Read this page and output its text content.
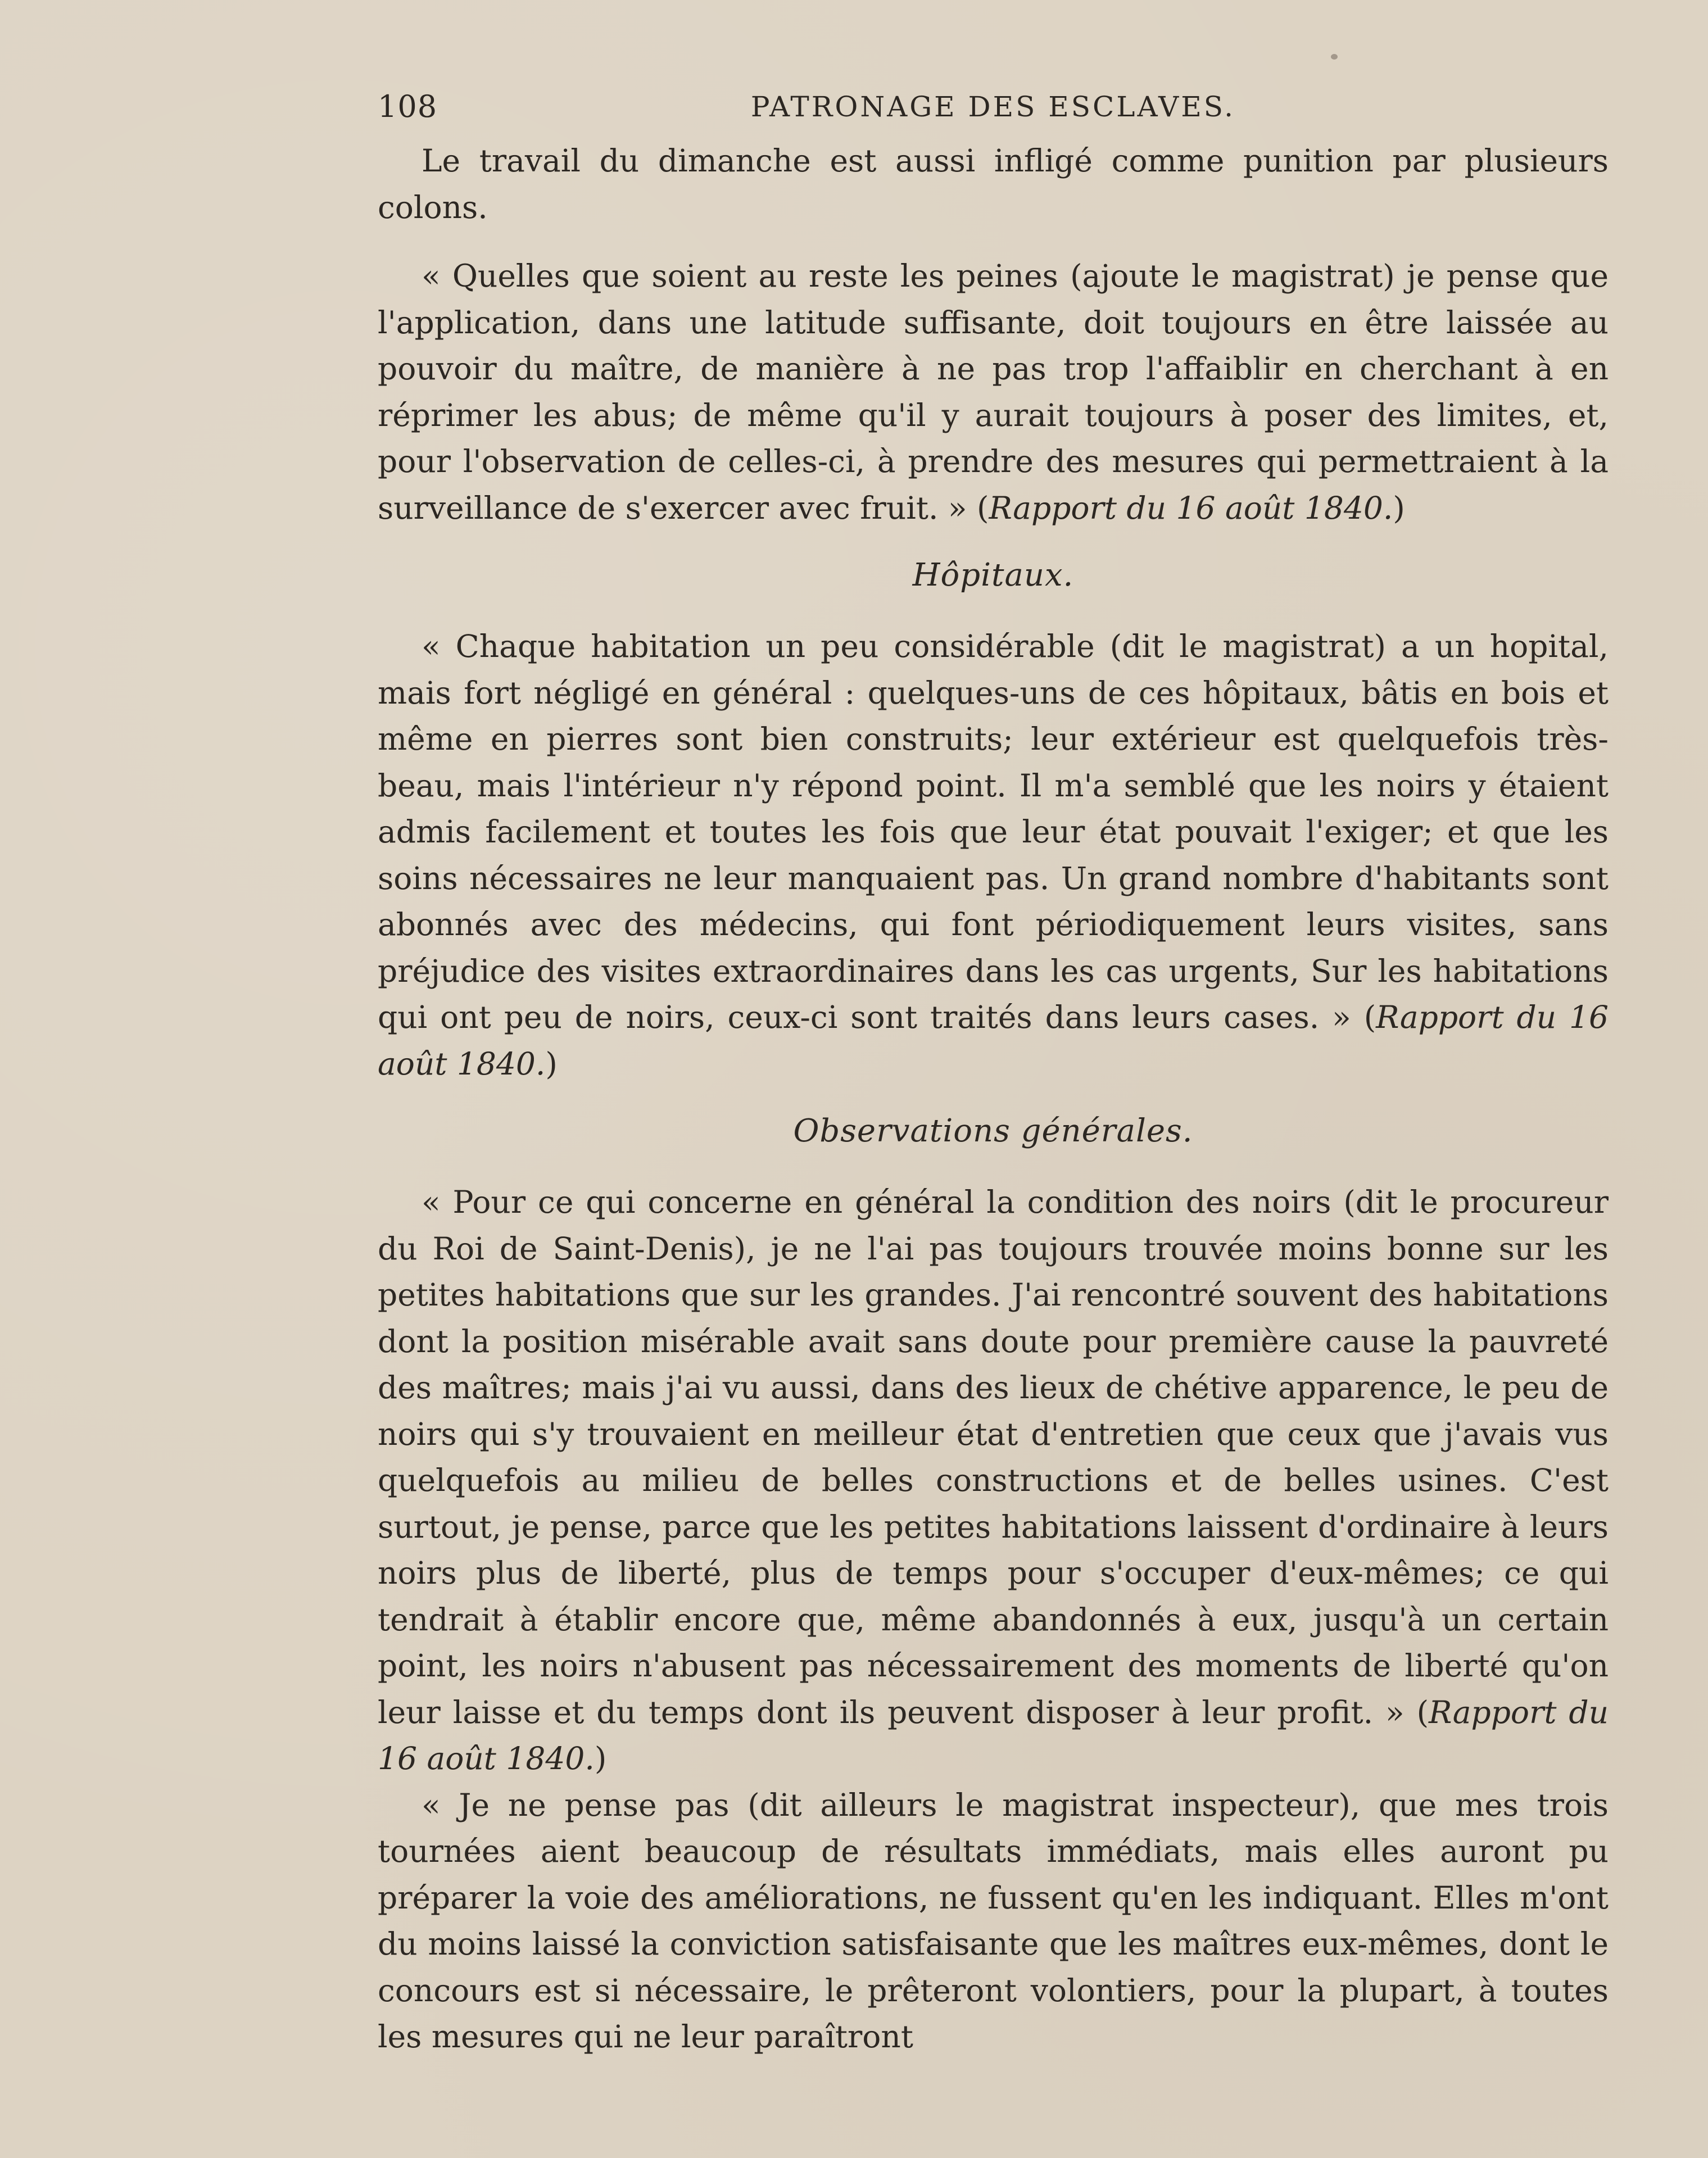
108	PATRONAGE DES ESCLAVES.

Le travail du dimanche est aussi infligé comme punition par plusieurs colons.

« Quelles que soient au reste les peines (ajoute le magistrat) je pense que l'application, dans une latitude suffisante, doit toujours en être laissée au pouvoir du maître, de manière à ne pas trop l'affaiblir en cherchant à en réprimer les abus; de même qu'il y aurait toujours à poser des limites, et, pour l'observation de celles-ci, à prendre des mesures qui permettraient à la surveillance de s'exercer avec fruit. » (Rapport du 16 août 1840.)

Hôpitaux.

« Chaque habitation un peu considérable (dit le magistrat) a un hopital, mais fort négligé en général : quelques-uns de ces hôpitaux, bâtis en bois et même en pierres sont bien construits; leur extérieur est quelquefois très-beau, mais l'intérieur n'y répond point. Il m'a semblé que les noirs y étaient admis facilement et toutes les fois que leur état pouvait l'exiger; et que les soins nécessaires ne leur manquaient pas. Un grand nombre d'habitants sont abonnés avec des médecins, qui font périodiquement leurs visites, sans préjudice des visites extraordinaires dans les cas urgents, Sur les habitations qui ont peu de noirs, ceux-ci sont traités dans leurs cases. » (Rapport du 16 août 1840.)

Observations générales.

« Pour ce qui concerne en général la condition des noirs (dit le procureur du Roi de Saint-Denis), je ne l'ai pas toujours trouvée moins bonne sur les petites habitations que sur les grandes. J'ai rencontré souvent des habitations dont la position misérable avait sans doute pour première cause la pauvreté des maîtres; mais j'ai vu aussi, dans des lieux de chétive apparence, le peu de noirs qui s'y trouvaient en meilleur état d'entretien que ceux que j'avais vus quelquefois au milieu de belles constructions et de belles usines. C'est surtout, je pense, parce que les petites habitations laissent d'ordinaire à leurs noirs plus de liberté, plus de temps pour s'occuper d'eux-mêmes; ce qui tendrait à établir encore que, même abandonnés à eux, jusqu'à un certain point, les noirs n'abusent pas nécessairement des moments de liberté qu'on leur laisse et du temps dont ils peuvent disposer à leur profit. » (Rapport du 16 août 1840.)

« Je ne pense pas (dit ailleurs le magistrat inspecteur), que mes trois tournées aient beaucoup de résultats immédiats, mais elles auront pu préparer la voie des améliorations, ne fussent qu'en les indiquant. Elles m'ont du moins laissé la conviction satisfaisante que les maîtres eux-mêmes, dont le concours est si nécessaire, le prêteront volontiers, pour la plupart, à toutes les mesures qui ne leur paraîtront
